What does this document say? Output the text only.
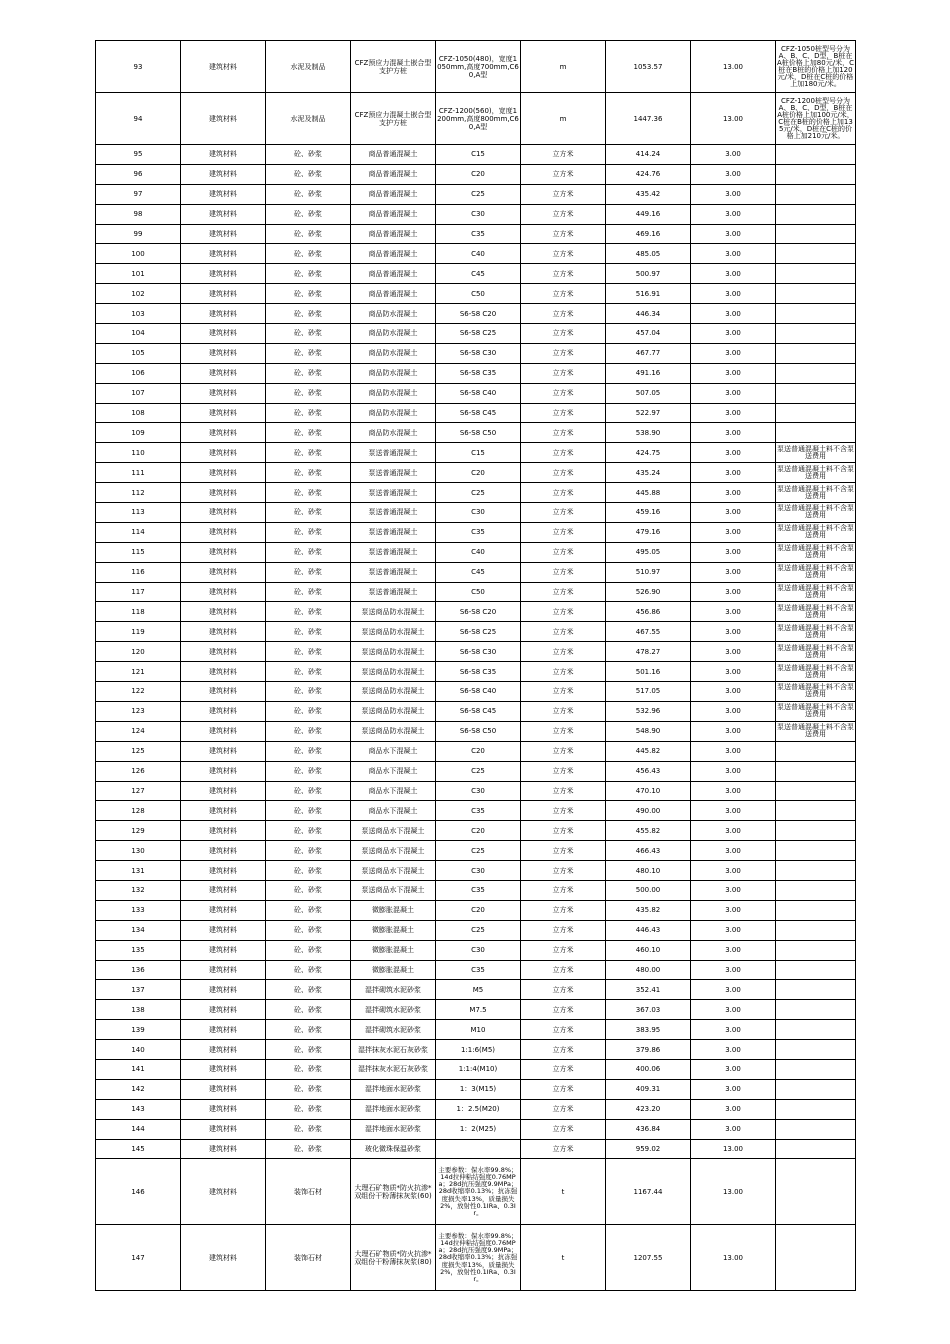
93	建筑材料	水泥及制品	CFZ预应力混凝土嵌合型支护方桩	CFZ-1050(480)，宽度1050mm,高度700mm,C60,A型	m	1053.57	13.00	CFZ-1050桩型号分为A、B、C、D型，B桩在A桩价格上加80元/米，C桩在B桩的价格上加120元/米，D桩在C桩的价格上加180元/米。
94	建筑材料	水泥及制品	CFZ预应力混凝土嵌合型支护方桩	CFZ-1200(560)，宽度1200mm,高度800mm,C60,A型	m	1447.36	13.00	CFZ-1200桩型号分为A、B、C、D型，B桩在A桩价格上加100元/米，C桩在B桩的价格上加135元/米，D桩在C桩的价格上加210元/米。
95	建筑材料	砼、砂浆	商品普通混凝土	C15	立方米	414.24	3.00	
96	建筑材料	砼、砂浆	商品普通混凝土	C20	立方米	424.76	3.00	
97	建筑材料	砼、砂浆	商品普通混凝土	C25	立方米	435.42	3.00	
98	建筑材料	砼、砂浆	商品普通混凝土	C30	立方米	449.16	3.00	
99	建筑材料	砼、砂浆	商品普通混凝土	C35	立方米	469.16	3.00	
100	建筑材料	砼、砂浆	商品普通混凝土	C40	立方米	485.05	3.00	
101	建筑材料	砼、砂浆	商品普通混凝土	C45	立方米	500.97	3.00	
102	建筑材料	砼、砂浆	商品普通混凝土	C50	立方米	516.91	3.00	
103	建筑材料	砼、砂浆	商品防水混凝土	S6-S8 C20	立方米	446.34	3.00	
104	建筑材料	砼、砂浆	商品防水混凝土	S6-S8 C25	立方米	457.04	3.00	
105	建筑材料	砼、砂浆	商品防水混凝土	S6-S8 C30	立方米	467.77	3.00	
106	建筑材料	砼、砂浆	商品防水混凝土	S6-S8 C35	立方米	491.16	3.00	
107	建筑材料	砼、砂浆	商品防水混凝土	S6-S8 C40	立方米	507.05	3.00	
108	建筑材料	砼、砂浆	商品防水混凝土	S6-S8 C45	立方米	522.97	3.00	
109	建筑材料	砼、砂浆	商品防水混凝土	S6-S8 C50	立方米	538.90	3.00	
110	建筑材料	砼、砂浆	泵送普通混凝土	C15	立方米	424.75	3.00	泵送普通混凝土料不含泵送费用
111	建筑材料	砼、砂浆	泵送普通混凝土	C20	立方米	435.24	3.00	泵送普通混凝土料不含泵送费用
112	建筑材料	砼、砂浆	泵送普通混凝土	C25	立方米	445.88	3.00	泵送普通混凝土料不含泵送费用
113	建筑材料	砼、砂浆	泵送普通混凝土	C30	立方米	459.16	3.00	泵送普通混凝土料不含泵送费用
114	建筑材料	砼、砂浆	泵送普通混凝土	C35	立方米	479.16	3.00	泵送普通混凝土料不含泵送费用
115	建筑材料	砼、砂浆	泵送普通混凝土	C40	立方米	495.05	3.00	泵送普通混凝土料不含泵送费用
116	建筑材料	砼、砂浆	泵送普通混凝土	C45	立方米	510.97	3.00	泵送普通混凝土料不含泵送费用
117	建筑材料	砼、砂浆	泵送普通混凝土	C50	立方米	526.90	3.00	泵送普通混凝土料不含泵送费用
118	建筑材料	砼、砂浆	泵送商品防水混凝土	S6-S8 C20	立方米	456.86	3.00	泵送普通混凝土料不含泵送费用
119	建筑材料	砼、砂浆	泵送商品防水混凝土	S6-S8 C25	立方米	467.55	3.00	泵送普通混凝土料不含泵送费用
120	建筑材料	砼、砂浆	泵送商品防水混凝土	S6-S8 C30	立方米	478.27	3.00	泵送普通混凝土料不含泵送费用
121	建筑材料	砼、砂浆	泵送商品防水混凝土	S6-S8 C35	立方米	501.16	3.00	泵送普通混凝土料不含泵送费用
122	建筑材料	砼、砂浆	泵送商品防水混凝土	S6-S8 C40	立方米	517.05	3.00	泵送普通混凝土料不含泵送费用
123	建筑材料	砼、砂浆	泵送商品防水混凝土	S6-S8 C45	立方米	532.96	3.00	泵送普通混凝土料不含泵送费用
124	建筑材料	砼、砂浆	泵送商品防水混凝土	S6-S8 C50	立方米	548.90	3.00	泵送普通混凝土料不含泵送费用
125	建筑材料	砼、砂浆	商品水下混凝土	C20	立方米	445.82	3.00	
126	建筑材料	砼、砂浆	商品水下混凝土	C25	立方米	456.43	3.00	
127	建筑材料	砼、砂浆	商品水下混凝土	C30	立方米	470.10	3.00	
128	建筑材料	砼、砂浆	商品水下混凝土	C35	立方米	490.00	3.00	
129	建筑材料	砼、砂浆	泵送商品水下混凝土	C20	立方米	455.82	3.00	
130	建筑材料	砼、砂浆	泵送商品水下混凝土	C25	立方米	466.43	3.00	
131	建筑材料	砼、砂浆	泵送商品水下混凝土	C30	立方米	480.10	3.00	
132	建筑材料	砼、砂浆	泵送商品水下混凝土	C35	立方米	500.00	3.00	
133	建筑材料	砼、砂浆	微膨胀混凝土	C20	立方米	435.82	3.00	
134	建筑材料	砼、砂浆	微膨胀混凝土	C25	立方米	446.43	3.00	
135	建筑材料	砼、砂浆	微膨胀混凝土	C30	立方米	460.10	3.00	
136	建筑材料	砼、砂浆	微膨胀混凝土	C35	立方米	480.00	3.00	
137	建筑材料	砼、砂浆	湿拌砌筑水泥砂浆	M5	立方米	352.41	3.00	
138	建筑材料	砼、砂浆	湿拌砌筑水泥砂浆	M7.5	立方米	367.03	3.00	
139	建筑材料	砼、砂浆	湿拌砌筑水泥砂浆	M10	立方米	383.95	3.00	
140	建筑材料	砼、砂浆	湿拌抹灰水泥石灰砂浆	1:1:6(M5)	立方米	379.86	3.00	
141	建筑材料	砼、砂浆	湿拌抹灰水泥石灰砂浆	1:1:4(M10)	立方米	400.06	3.00	
142	建筑材料	砼、砂浆	湿拌地面水泥砂浆	1：3(M15)	立方米	409.31	3.00	
143	建筑材料	砼、砂浆	湿拌地面水泥砂浆	1：2.5(M20)	立方米	423.20	3.00	
144	建筑材料	砼、砂浆	湿拌地面水泥砂浆	1：2(M25)	立方米	436.84	3.00	
145	建筑材料	砼、砂浆	玻化微珠保温砂浆		立方米	959.02	13.00	
146	建筑材料	装饰石材	大理石矿物质*防火抗渗*双组份干粉薄抹灰浆(60)	主要参数：保水率99.8%；14d拉伸粘结强度0.76MPa；28d抗压强度9.9MPa；28d收缩率0.13%；抗冻强度损失率13%，质量损失2%，放射性0.1IRa、0.3Ir。	t	1167.44	13.00	
147	建筑材料	装饰石材	大理石矿物质*防火抗渗*双组份干粉薄抹灰浆(80)	主要参数：保水率99.8%；14d拉伸粘结强度0.76MPa；28d抗压强度9.9MPa；28d收缩率0.13%；抗冻强度损失率13%，质量损失2%，放射性0.1IRa、0.3Ir。	t	1207.55	13.00	
